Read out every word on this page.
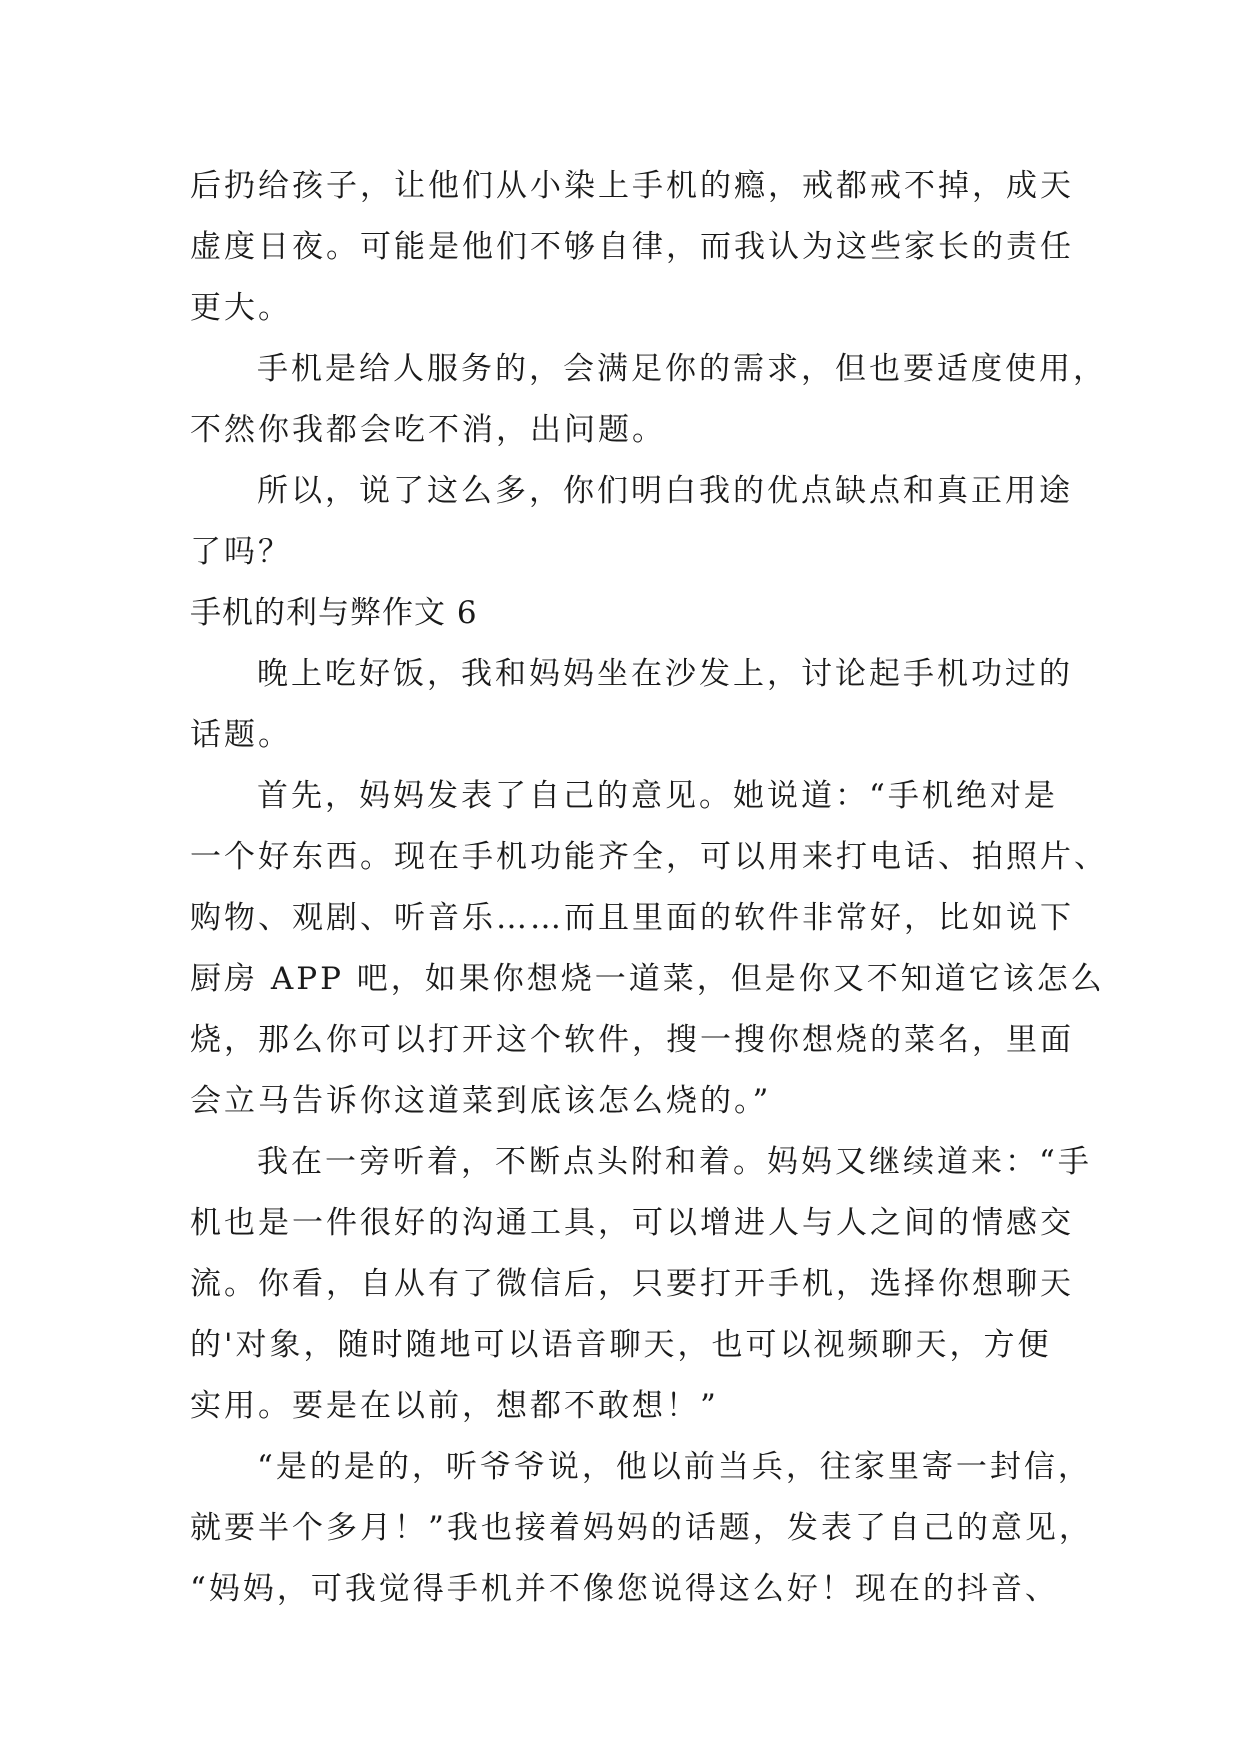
后扔给孩子，让他们从小染上手机的瘾，戒都戒不掉，成天
虚度日夜。可能是他们不够自律，而我认为这些家长的责任
更大。
手机是给人服务的，会满足你的需求，但也要适度使用，
不然你我都会吃不消，出问题。
所以，说了这么多，你们明白我的优点缺点和真正用途
了吗？
手机的利与弊作文 6
晚上吃好饭，我和妈妈坐在沙发上，讨论起手机功过的
话题。
首先，妈妈发表了自己的意见。她说道：“手机绝对是
一个好东西。现在手机功能齐全，可以用来打电话、拍照片、
购物、观剧、听音乐……而且里面的软件非常好，比如说下
厨房 APP 吧，如果你想烧一道菜，但是你又不知道它该怎么
烧，那么你可以打开这个软件，搜一搜你想烧的菜名，里面
会立马告诉你这道菜到底该怎么烧的。”
我在一旁听着，不断点头附和着。妈妈又继续道来：“手
机也是一件很好的沟通工具，可以增进人与人之间的情感交
流。你看，自从有了微信后，只要打开手机，选择你想聊天
的'对象，随时随地可以语音聊天，也可以视频聊天，方便
实用。要是在以前，想都不敢想！”
“是的是的，听爷爷说，他以前当兵，往家里寄一封信，
就要半个多月！”我也接着妈妈的话题，发表了自己的意见，
“妈妈，可我觉得手机并不像您说得这么好！现在的抖音、
